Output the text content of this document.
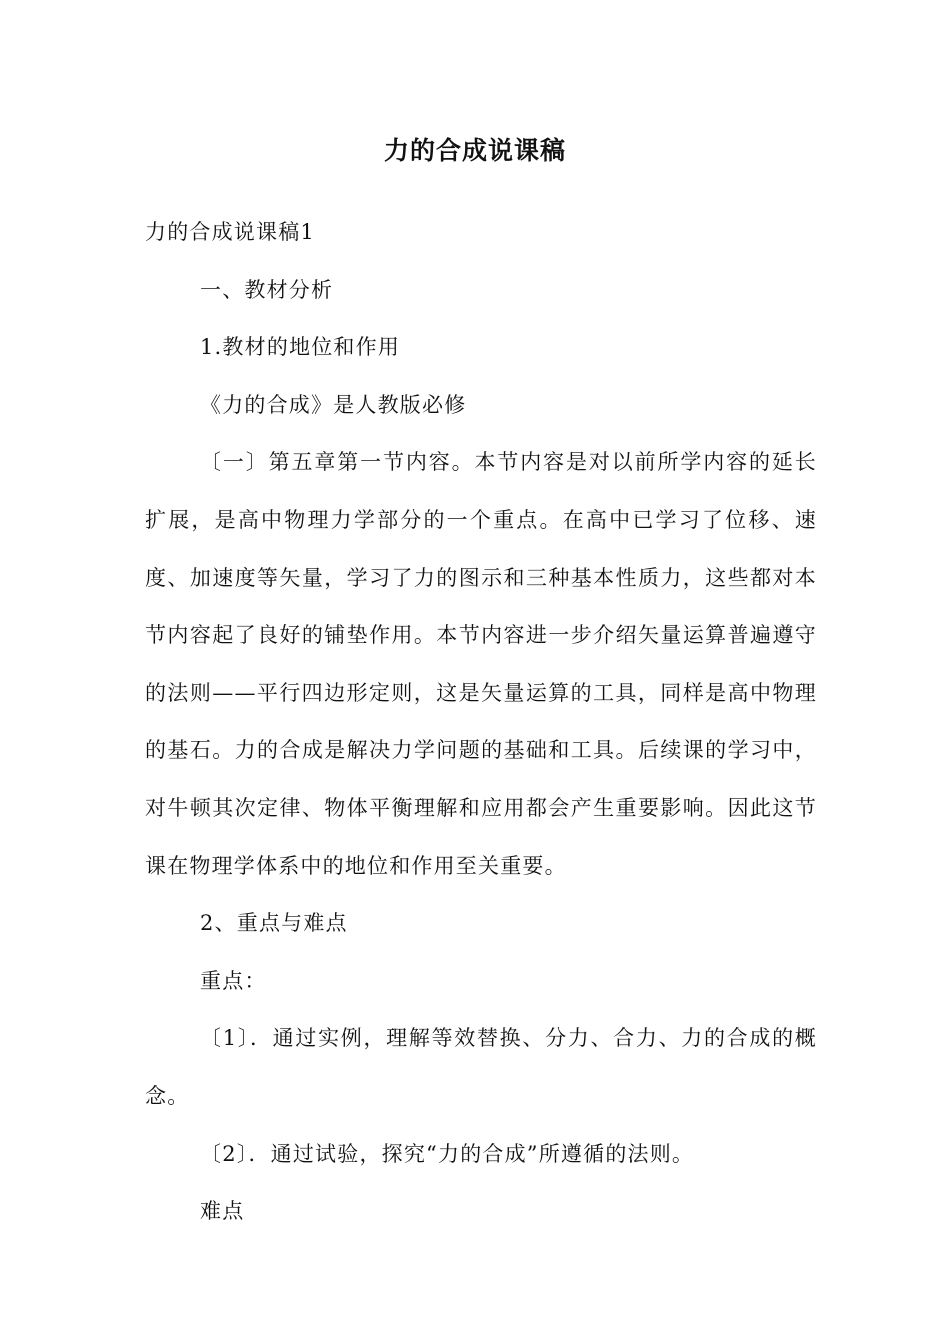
力的合成说课稿

力的合成说课稿1

一、教材分析

1.教材的地位和作用

《力的合成》是人教版必修

〔一〕第五章第一节内容。本节内容是对以前所学内容的延长扩展，是高中物理力学部分的一个重点。在高中已学习了位移、速度、加速度等矢量，学习了力的图示和三种基本性质力，这些都对本节内容起了良好的铺垫作用。本节内容进一步介绍矢量运算普遍遵守的法则——平行四边形定则，这是矢量运算的工具，同样是高中物理的基石。力的合成是解决力学问题的基础和工具。后续课的学习中，对牛顿其次定律、物体平衡理解和应用都会产生重要影响。因此这节课在物理学体系中的地位和作用至关重要。

2、重点与难点

重点：

〔1〕．通过实例，理解等效替换、分力、合力、力的合成的概念。

〔2〕．通过试验，探究“力的合成”所遵循的法则。

难点
